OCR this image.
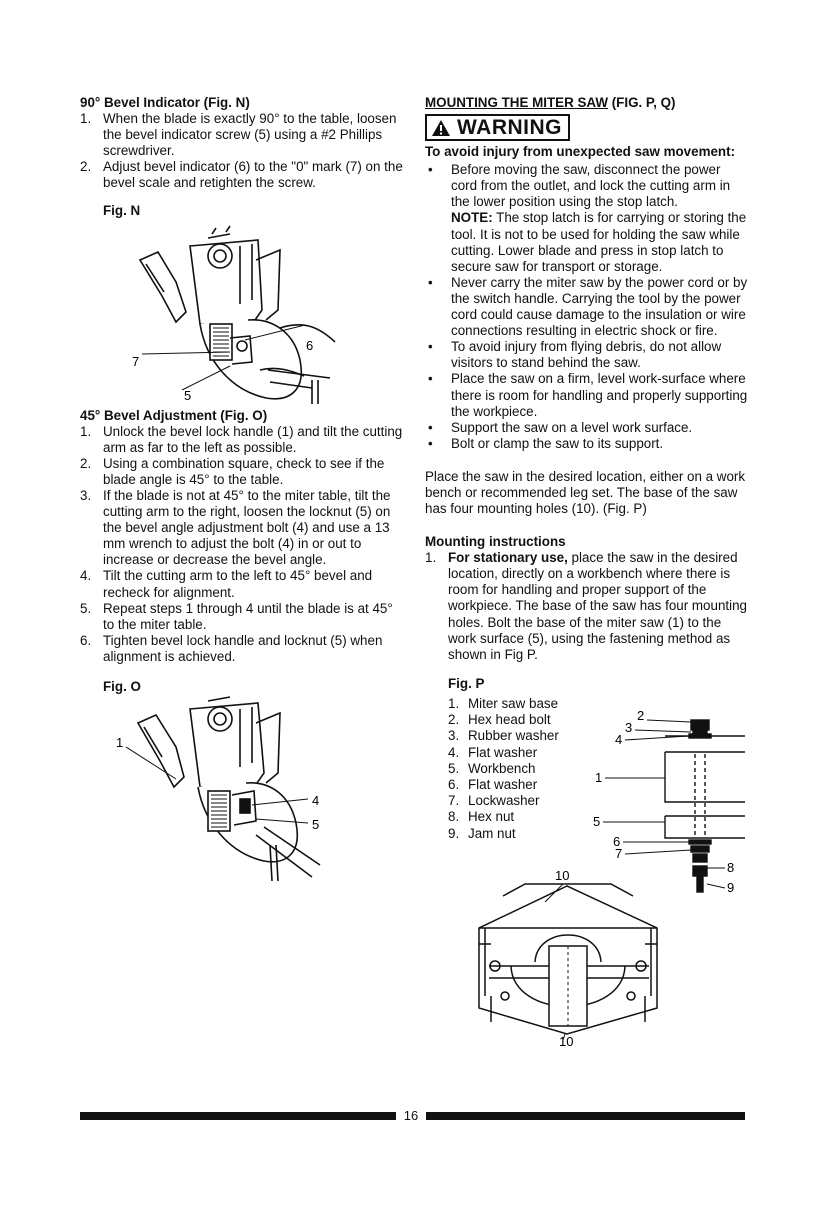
90° Bevel Indicator (Fig. N)
1. When the blade is exactly 90° to the table, loosen the bevel indicator screw (5) using a #2 Phillips screwdriver.
2. Adjust bevel indicator (6) to the "0" mark (7) on the bevel scale and retighten the screw.
Fig. N
6
7
5
45° Bevel Adjustment (Fig. O)
1. Unlock the bevel lock handle (1) and tilt the cutting arm as far to the left as possible.
2. Using a combination square, check to see if the blade angle is 45° to the table.
3. If the blade is not at 45° to the miter table, tilt the cutting arm to the right, loosen the locknut (5) on the bevel angle adjustment bolt (4) and use a 13 mm wrench to adjust the bolt (4) in or out to increase or decrease the bevel angle.
4. Tilt the cutting arm to the left to 45° bevel and recheck for alignment.
5. Repeat steps 1 through 4 until the blade is at 45° to the miter table.
6. Tighten bevel lock handle and locknut (5) when alignment is achieved.
Fig. O
1
4
5
MOUNTING THE MITER SAW (FIG. P, Q)
WARNING
To avoid injury from unexpected saw movement:
• Before moving the saw, disconnect the power cord from the outlet, and lock the cutting arm in the lower position using the stop latch.
NOTE: The stop latch is for carrying or storing the tool. It is not to be used for holding the saw while cutting. Lower blade and press in stop latch to secure saw for transport or storage.
• Never carry the miter saw by the power cord or by the switch handle. Carrying the tool by the power cord could cause damage to the insulation or wire connections resulting in electric shock or fire.
• To avoid injury from flying debris, do not allow visitors to stand behind the saw.
• Place the saw on a firm, level work-surface where there is room for handling and properly supporting the workpiece.
• Support the saw on a level work surface.
• Bolt or clamp the saw to its support.

Place the saw in the desired location, either on a work bench or recommended leg set. The base of the saw has four mounting holes (10). (Fig. P)

Mounting instructions
1. For stationary use, place the saw in the desired location, directly on a workbench where there is room for handling and proper support of the workpiece. The base of the saw has four mounting holes. Bolt the base of the miter saw (1) to the work surface (5), using the fastening method as shown in Fig P.
Fig. P
1. Miter saw base
2. Hex head bolt
3. Rubber washer
4. Flat washer
5. Workbench
6. Flat washer
7. Lockwasher
8. Hex nut
9. Jam nut
2
3
4
1
5
6
7
8
9
10
10
16
